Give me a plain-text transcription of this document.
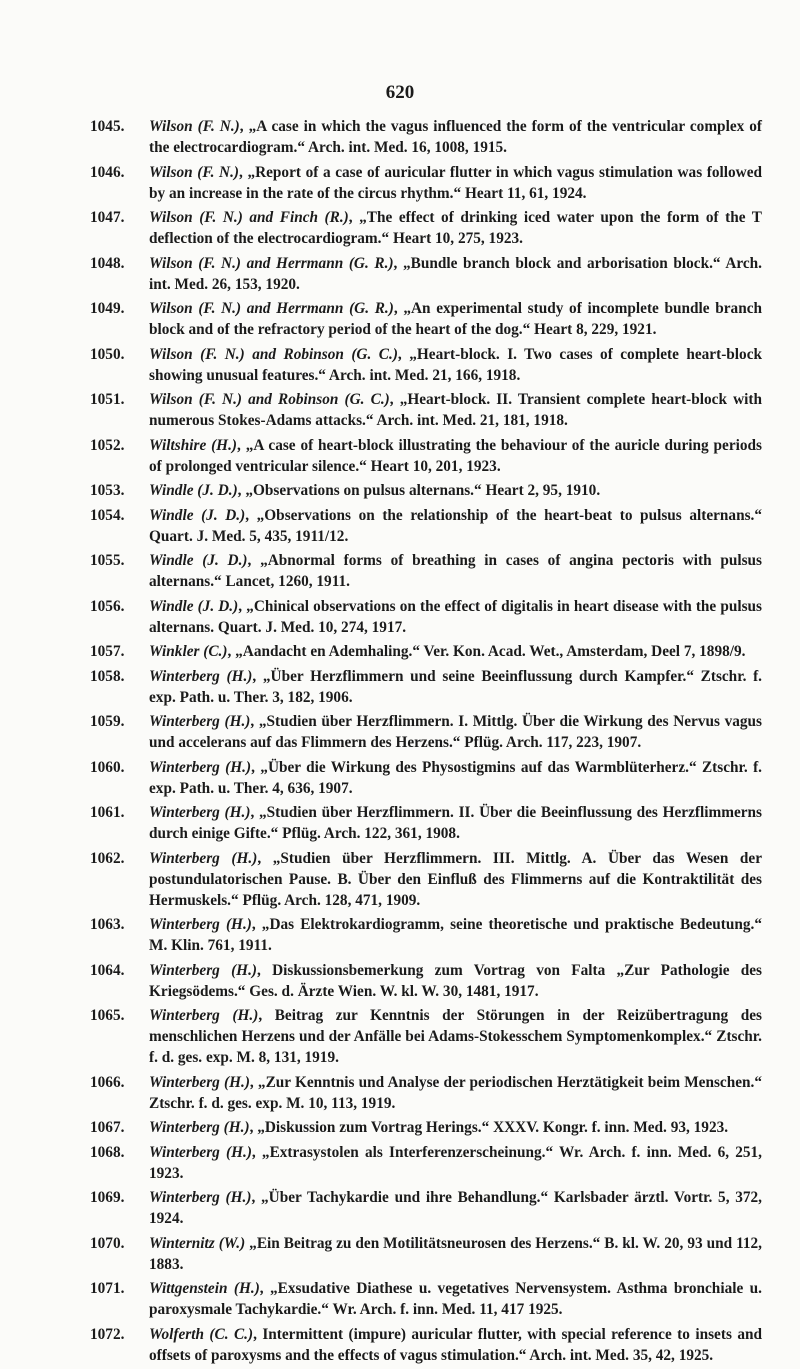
620
1045. Wilson (F. N.), „A case in which the vagus influenced the form of the ventricular complex of the electrocardiogram.“ Arch. int. Med. 16, 1008, 1915.
1046. Wilson (F. N.), „Report of a case of auricular flutter in which vagus stimulation was followed by an increase in the rate of the circus rhythm.“ Heart 11, 61, 1924.
1047. Wilson (F. N.) and Finch (R.), „The effect of drinking iced water upon the form of the T deflection of the electrocardiogram.“ Heart 10, 275, 1923.
1048. Wilson (F. N.) and Herrmann (G. R.), „Bundle branch block and arborisation block.“ Arch. int. Med. 26, 153, 1920.
1049. Wilson (F. N.) and Herrmann (G. R.), „An experimental study of incomplete bundle branch block and of the refractory period of the heart of the dog.“ Heart 8, 229, 1921.
1050. Wilson (F. N.) and Robinson (G. C.), „Heart-block. I. Two cases of complete heart-block showing unusual features.“ Arch. int. Med. 21, 166, 1918.
1051. Wilson (F. N.) and Robinson (G. C.), „Heart-block. II. Transient complete heart-block with numerous Stokes-Adams attacks.“ Arch. int. Med. 21, 181, 1918.
1052. Wiltshire (H.), „A case of heart-block illustrating the behaviour of the auricle during periods of prolonged ventricular silence.“ Heart 10, 201, 1923.
1053. Windle (J. D.), „Observations on pulsus alternans.“ Heart 2, 95, 1910.
1054. Windle (J. D.), „Observations on the relationship of the heart-beat to pulsus alternans.“ Quart. J. Med. 5, 435, 1911/12.
1055. Windle (J. D.), „Abnormal forms of breathing in cases of angina pectoris with pulsus alternans.“ Lancet, 1260, 1911.
1056. Windle (J. D.), „Chinical observations on the effect of digitalis in heart disease with the pulsus alternans. Quart. J. Med. 10, 274, 1917.
1057. Winkler (C.), „Aandacht en Ademhaling.“ Ver. Kon. Acad. Wet., Amsterdam, Deel 7, 1898/9.
1058. Winterberg (H.), „Über Herzflimmern und seine Beeinflussung durch Kampfer.“ Ztschr. f. exp. Path. u. Ther. 3, 182, 1906.
1059. Winterberg (H.), „Studien über Herzflimmern. I. Mittlg. Über die Wirkung des Nervus vagus und accelerans auf das Flimmern des Herzens.“ Pflüg. Arch. 117, 223, 1907.
1060. Winterberg (H.), „Über die Wirkung des Physostigmins auf das Warmblüterherz.“ Ztschr. f. exp. Path. u. Ther. 4, 636, 1907.
1061. Winterberg (H.), „Studien über Herzflimmern. II. Über die Beeinflussung des Herzflimmerns durch einige Gifte.“ Pflüg. Arch. 122, 361, 1908.
1062. Winterberg (H.), „Studien über Herzflimmern. III. Mittlg. A. Über das Wesen der postundulatorischen Pause. B. Über den Einfluß des Flimmerns auf die Kontraktilität des Hermuskels.“ Pflüg. Arch. 128, 471, 1909.
1063. Winterberg (H.), „Das Elektrokardiogramm, seine theoretische und praktische Bedeutung.“ M. Klin. 761, 1911.
1064. Winterberg (H.), Diskussionsbemerkung zum Vortrag von Falta „Zur Pathologie des Kriegsödems.“ Ges. d. Ärzte Wien. W. kl. W. 30, 1481, 1917.
1065. Winterberg (H.), Beitrag zur Kenntnis der Störungen in der Reizübertragung des menschlichen Herzens und der Anfälle bei Adams-Stokesschem Symptomenkomplex.“ Ztschr. f. d. ges. exp. M. 8, 131, 1919.
1066. Winterberg (H.), „Zur Kenntnis und Analyse der periodischen Herztätigkeit beim Menschen.“ Ztschr. f. d. ges. exp. M. 10, 113, 1919.
1067. Winterberg (H.), „Diskussion zum Vortrag Herings.“ XXXV. Kongr. f. inn. Med. 93, 1923.
1068. Winterberg (H.), „Extrasystolen als Interferenzerscheinung.“ Wr. Arch. f. inn. Med. 6, 251, 1923.
1069. Winterberg (H.), „Über Tachykardie und ihre Behandlung.“ Karlsbader ärztl. Vortr. 5, 372, 1924.
1070. Winternitz (W.) „Ein Beitrag zu den Motilitätsneurosen des Herzens.“ B. kl. W. 20, 93 und 112, 1883.
1071. Wittgenstein (H.), „Exsudative Diathese u. vegetatives Nervensystem. Asthma bronchiale u. paroxysmale Tachykardie.“ Wr. Arch. f. inn. Med. 11, 417 1925.
1072. Wolferth (C. C.), Intermittent (impure) auricular flutter, with special reference to insets and offsets of paroxysms and the effects of vagus stimulation.“ Arch. int. Med. 35, 42, 1925.
